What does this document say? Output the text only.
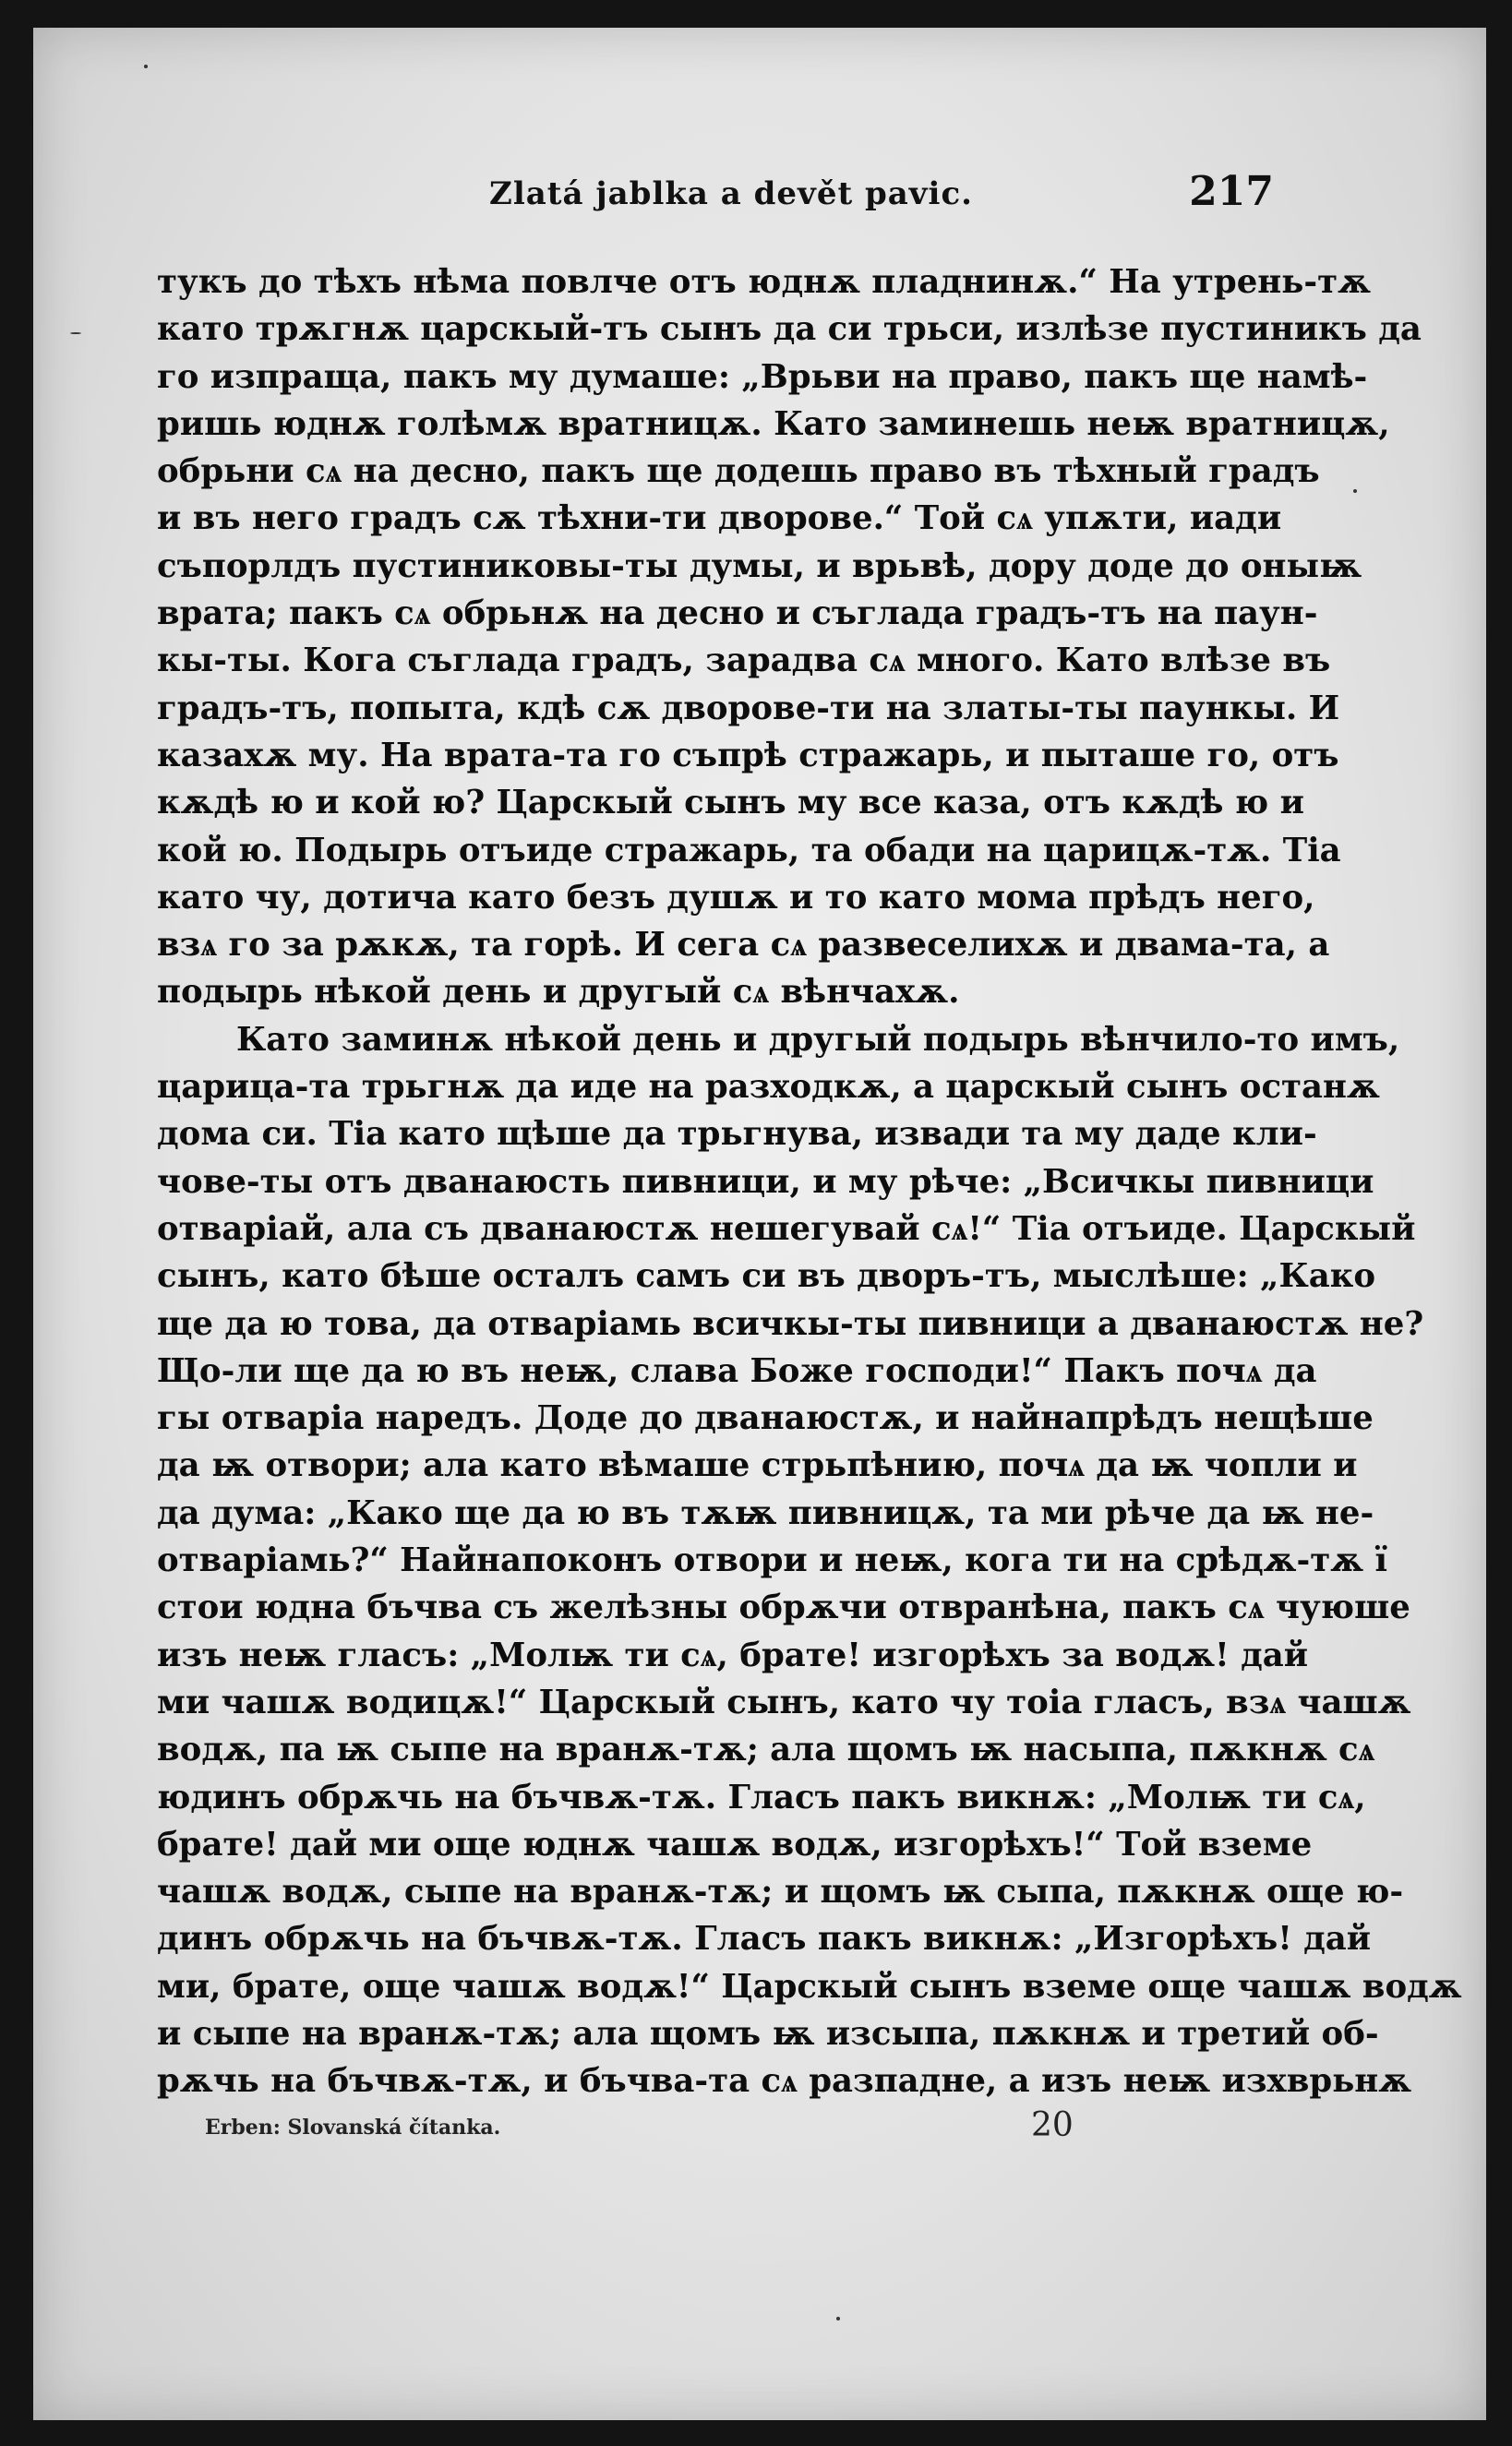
Zlatá jablka a devět pavic.	217
тукъ до тѣхъ нѣма повлче отъ юднѫ пладнинѫ.“ На утрень-тѫ
като трѫгнѫ царскый-тъ сынъ да си трьси, излѣзе пустиникъ да
го изпраща, пакъ му думаше: „Врьви на право, пакъ ще намѣ-
ришь юднѫ голѣмѫ вратницѫ. Като заминешь неѭ вратницѫ,
обрьни сѧ на десно, пакъ ще додешь право въ тѣхный градъ
и въ него градъ сѫ тѣхни-ти дворове.“ Той сѧ упѫти, иади
съпорлдъ пустиниковы-ты думы, и врьвѣ, дору доде до оныѭ
врата; пакъ сѧ обрьнѫ на десно и съглада градъ-тъ на паун-
кы-ты. Кога съглада градъ, зарадва сѧ много. Като влѣзе въ
градъ-тъ, попыта, кдѣ сѫ дворове-ти на златы-ты паункы. И
казахѫ му. На врата-та го съпрѣ стражарь, и пыташе го, отъ
кѫдѣ ю и кой ю? Царскый сынъ му все каза, отъ кѫдѣ ю и
кой ю. Подырь отъиде стражарь, та обади на царицѫ-тѫ. Тіа
като чу, дотича като безъ душѫ и то като мома прѣдъ него,
взѧ го за рѫкѫ, та горѣ. И сега сѧ развеселихѫ и двама-та, а
подырь нѣкой день и другый сѧ вѣнчахѫ.
Като заминѫ нѣкой день и другый подырь вѣнчило-то имъ,
царица-та трьгнѫ да иде на разходкѫ, а царскый сынъ останѫ
дома си. Тіа като щѣше да трьгнува, извади та му даде кли-
чове-ты отъ дванаюсть пивници, и му рѣче: „Всичкы пивници
отваріай, ала съ дванаюстѫ нешегувай сѧ!“ Тіа отъиде. Царскый
сынъ, като бѣше осталъ самъ си въ дворъ-тъ, мыслѣше: „Како
ще да ю това, да отваріамь всичкы-ты пивници а дванаюстѫ не?
Що-ли ще да ю въ неѭ, слава Боже господи!“ Пакъ почѧ да
гы отваріа наредъ. Доде до дванаюстѫ, и найнапрѣдъ нещѣше
да ѭ отвори; ала като вѣмаше стрьпѣнию, почѧ да ѭ чопли и
да дума: „Како ще да ю въ тѫѭ пивницѫ, та ми рѣче да ѭ не-
отваріамь?“ Найнапоконъ отвори и неѭ, кога ти на срѣдѫ-тѫ ї
стои юдна бъчва съ желѣзны обрѫчи отвранѣна, пакъ сѧ чуюше
изъ неѭ гласъ: „Молѭ ти сѧ, брате! изгорѣхъ за водѫ! дай
ми чашѫ водицѫ!“ Царскый сынъ, като чу тоіа гласъ, взѧ чашѫ
водѫ, па ѭ сыпе на вранѫ-тѫ; ала щомъ ѭ насыпа, пѫкнѫ сѧ
юдинъ обрѫчь на бъчвѫ-тѫ. Гласъ пакъ викнѫ: „Молѭ ти сѧ,
брате! дай ми още юднѫ чашѫ водѫ, изгорѣхъ!“ Той вземе
чашѫ водѫ, сыпе на вранѫ-тѫ; и щомъ ѭ сыпа, пѫкнѫ още ю-
динъ обрѫчь на бъчвѫ-тѫ. Гласъ пакъ викнѫ: „Изгорѣхъ! дай
ми, брате, още чашѫ водѫ!“ Царскый сынъ вземе още чашѫ водѫ
и сыпе на вранѫ-тѫ; ала щомъ ѭ изсыпа, пѫкнѫ и третий об-
рѫчь на бъчвѫ-тѫ, и бъчва-та сѧ разпадне, а изъ неѭ изхврьнѫ
Erben: Slovanská čítanka.	20
